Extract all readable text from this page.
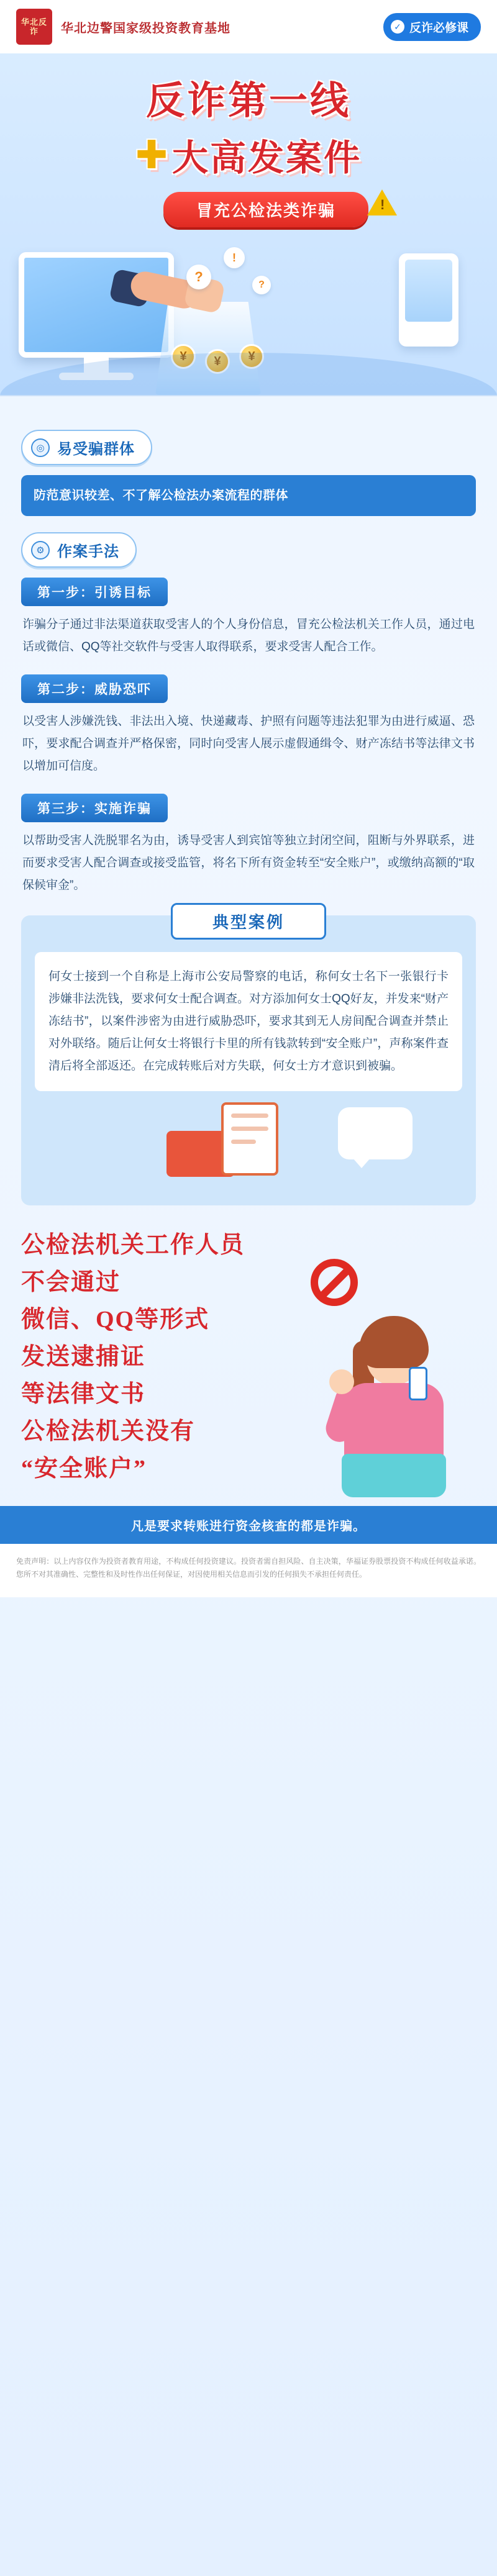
华北反诈	华北边警国家级投资教育基地	✓ 反诈必修课
反诈第一线
✚大高发案件
冒充公检法类诈骗
!
¥	¥	¥
?
!
?
◎ 易受骗群体
防范意识较差、不了解公检法办案流程的群体
⚙ 作案手法
第一步：引诱目标
诈骗分子通过非法渠道获取受害人的个人身份信息，冒充公检法机关工作人员，通过电话或微信、QQ等社交软件与受害人取得联系，要求受害人配合工作。
第二步：威胁恐吓
以受害人涉嫌洗钱、非法出入境、快递藏毒、护照有问题等违法犯罪为由进行威逼、恐吓，要求配合调查并严格保密，同时向受害人展示虚假通缉令、财产冻结书等法律文书以增加可信度。
第三步：实施诈骗
以帮助受害人洗脱罪名为由，诱导受害人到宾馆等独立封闭空间，阻断与外界联系，进而要求受害人配合调查或接受监管，将名下所有资金转至“安全账户”，或缴纳高额的“取保候审金”。
典型案例
何女士接到一个自称是上海市公安局警察的电话，称何女士名下一张银行卡涉嫌非法洗钱，要求何女士配合调查。对方添加何女士QQ好友，并发来“财产冻结书”，以案件涉密为由进行威胁恐吓，要求其到无人房间配合调查并禁止对外联络。随后让何女士将银行卡里的所有钱款转到“安全账户”，声称案件查清后将全部返还。在完成转账后对方失联，何女士方才意识到被骗。
公检法机关工作人员
不会通过
微信、QQ等形式
发送逮捕证
等法律文书
公检法机关没有
“安全账户”
凡是要求转账进行资金核查的都是诈骗。
免责声明：以上内容仅作为投资者教育用途，不构成任何投资建议。投资者需自担风险、自主决策，华福证券股票投资不构成任何收益承诺。您所不对其准确性、完整性和及时性作出任何保证，对因使用相关信息而引发的任何损失不承担任何责任。
